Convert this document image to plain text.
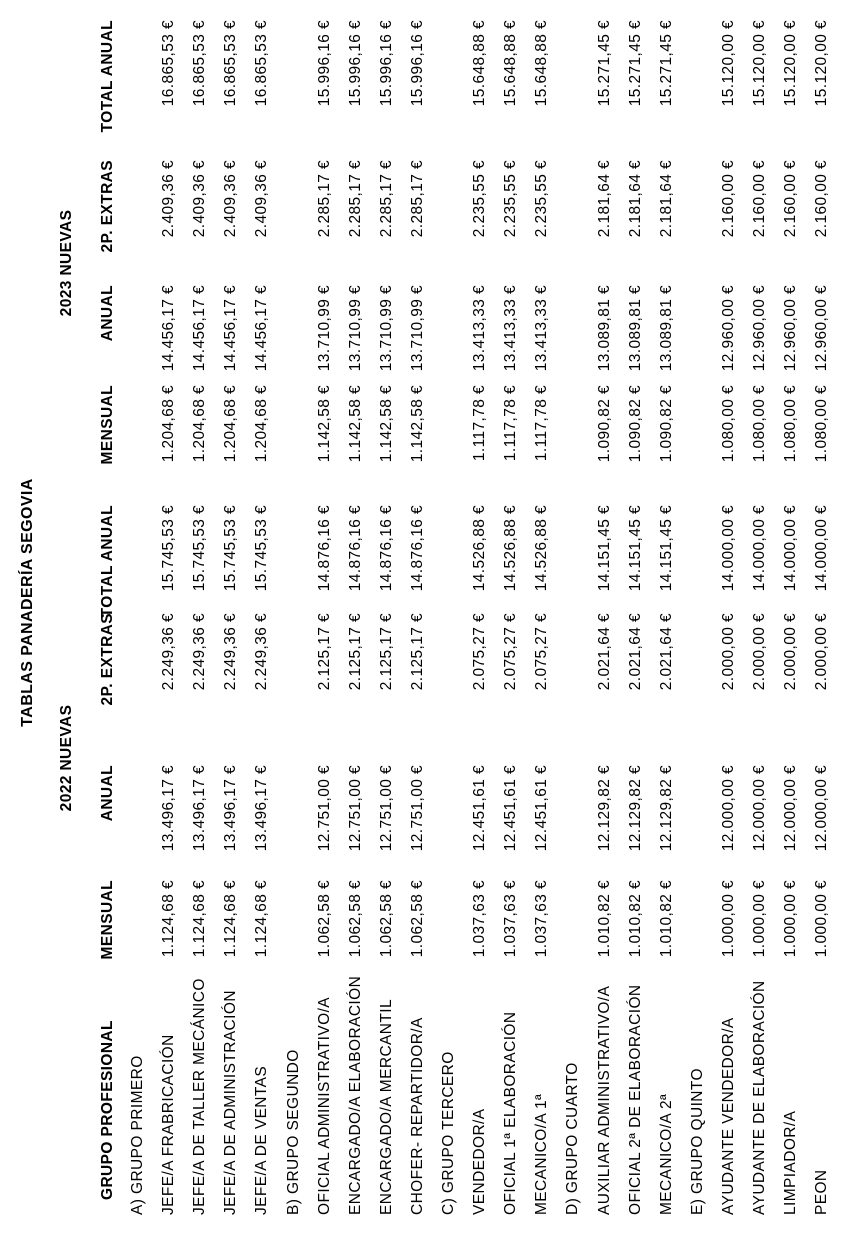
TABLAS PANADERÍA SEGOVIA
2022 NUEVAS
2023 NUEVAS
GRUPO PROFESIONAL
MENSUAL
ANUAL
2P. EXTRAS
TOTAL ANUAL
MENSUAL
ANUAL
2P. EXTRAS
TOTAL ANUAL
A) GRUPO PRIMERO JEFE/A FRABRICACIÓN
1.124,68 €
13.496,17 €
2.249,36 €
15.745,53 €
1.204,68 €
14.456,17 €
2.409,36 €
16.865,53 €
JEFE/A DE TALLER MECÁNICO
1.124,68 €
13.496,17 €
2.249,36 €
15.745,53 €
1.204,68 €
14.456,17 €
2.409,36 €
16.865,53 €
JEFE/A DE ADMINISTRACIÓN
1.124,68 €
13.496,17 €
2.249,36 €
15.745,53 €
1.204,68 €
14.456,17 €
2.409,36 €
16.865,53 €
JEFE/A DE VENTAS
1.124,68 €
13.496,17 €
2.249,36 €
15.745,53 €
1.204,68 €
14.456,17 €
2.409,36 €
16.865,53 €
B) GRUPO SEGUNDO OFICIAL ADMINISTRATIVO/A
1.062,58 €
12.751,00 €
2.125,17 €
14.876,16 €
1.142,58 €
13.710,99 €
2.285,17 €
15.996,16 €
ENCARGADO/A ELABORACIÓN
1.062,58 €
12.751,00 €
2.125,17 €
14.876,16 €
1.142,58 €
13.710,99 €
2.285,17 €
15.996,16 €
ENCARGADO/A MERCANTIL
1.062,58 €
12.751,00 €
2.125,17 €
14.876,16 €
1.142,58 €
13.710,99 €
2.285,17 €
15.996,16 €
CHOFER- REPARTIDOR/A
1.062,58 €
12.751,00 €
2.125,17 €
14.876,16 €
1.142,58 €
13.710,99 €
2.285,17 €
15.996,16 €
C) GRUPO TERCERO VENDEDOR/A
1.037,63 €
12.451,61 €
2.075,27 €
14.526,88 €
1.117,78 €
13.413,33 €
2.235,55 €
15.648,88 €
OFICIAL 1ª ELABORACIÓN
1.037,63 €
12.451,61 €
2.075,27 €
14.526,88 €
1.117,78 €
13.413,33 €
2.235,55 €
15.648,88 €
MECANICO/A 1ª
1.037,63 €
12.451,61 €
2.075,27 €
14.526,88 €
1.117,78 €
13.413,33 €
2.235,55 €
15.648,88 €
D) GRUPO CUARTO AUXILIAR ADMINISTRATIVO/A
1.010,82 €
12.129,82 €
2.021,64 €
14.151,45 €
1.090,82 €
13.089,81 €
2.181,64 €
15.271,45 €
OFICIAL 2ª DE ELABORACIÓN
1.010,82 €
12.129,82 €
2.021,64 €
14.151,45 €
1.090,82 €
13.089,81 €
2.181,64 €
15.271,45 €
MECANICO/A 2ª
1.010,82 €
12.129,82 €
2.021,64 €
14.151,45 €
1.090,82 €
13.089,81 €
2.181,64 €
15.271,45 €
E) GRUPO QUINTO AYUDANTE VENDEDOR/A
1.000,00 €
12.000,00 €
2.000,00 €
14.000,00 €
1.080,00 €
12.960,00 €
2.160,00 €
15.120,00 €
AYUDANTE DE ELABORACIÓN
1.000,00 €
12.000,00 €
2.000,00 €
14.000,00 €
1.080,00 €
12.960,00 €
2.160,00 €
15.120,00 €
LIMPIADOR/A
1.000,00 €
12.000,00 €
2.000,00 €
14.000,00 €
1.080,00 €
12.960,00 €
2.160,00 €
15.120,00 €
PEON
1.000,00 €
12.000,00 €
2.000,00 €
14.000,00 €
1.080,00 €
12.960,00 €
2.160,00 €
15.120,00 €
